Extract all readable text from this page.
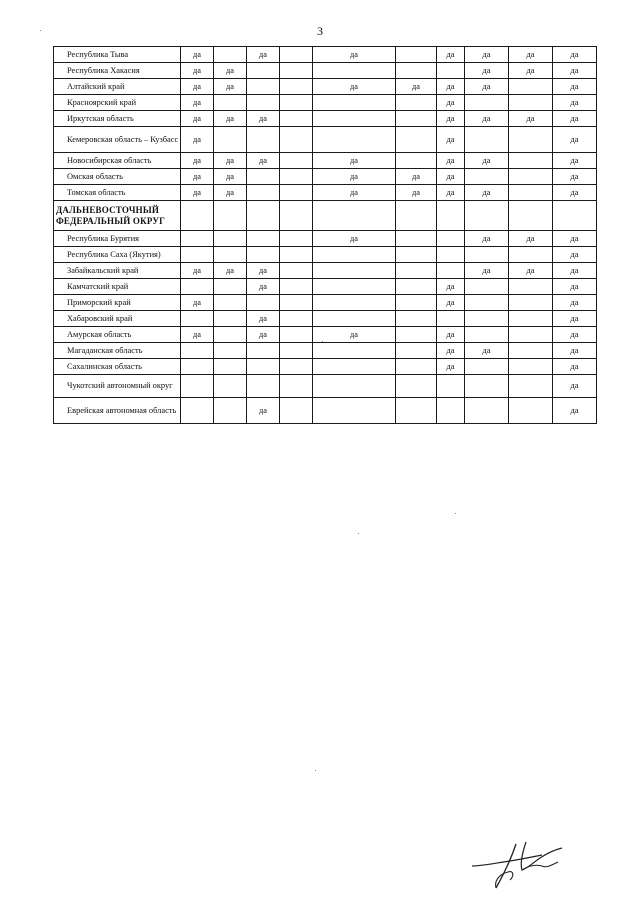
3
Республика Тыва	да		да		да		да	да	да	да
Республика Хакасия	да	да						да	да	да
Алтайский край	да	да			да	да	да	да		да
Красноярский край	да						да			да
Иркутская область	да	да	да				да	да	да	да
Кемеровская область – Кузбасс	да						да			да
Новосибирская область	да	да	да		да		да	да		да
Омская область	да	да			да	да	да			да
Томская область	да	да			да	да	да	да		да
ДАЛЬНЕВОСТОЧНЫЙ ФЕДЕРАЛЬНЫЙ ОКРУГ										
Республика Бурятия					да			да	да	да
Республика Саха (Якутия)										да
Забайкальский край	да	да	да					да	да	да
Камчатский край			да				да			да
Приморский край	да						да			да
Хабаровский край			да							да
Амурская область	да		да		да		да			да
Магаданская область							да	да		да
Сахалинская область							да			да
Чукотский автономный округ										да
Еврейская автономная область			да							да
